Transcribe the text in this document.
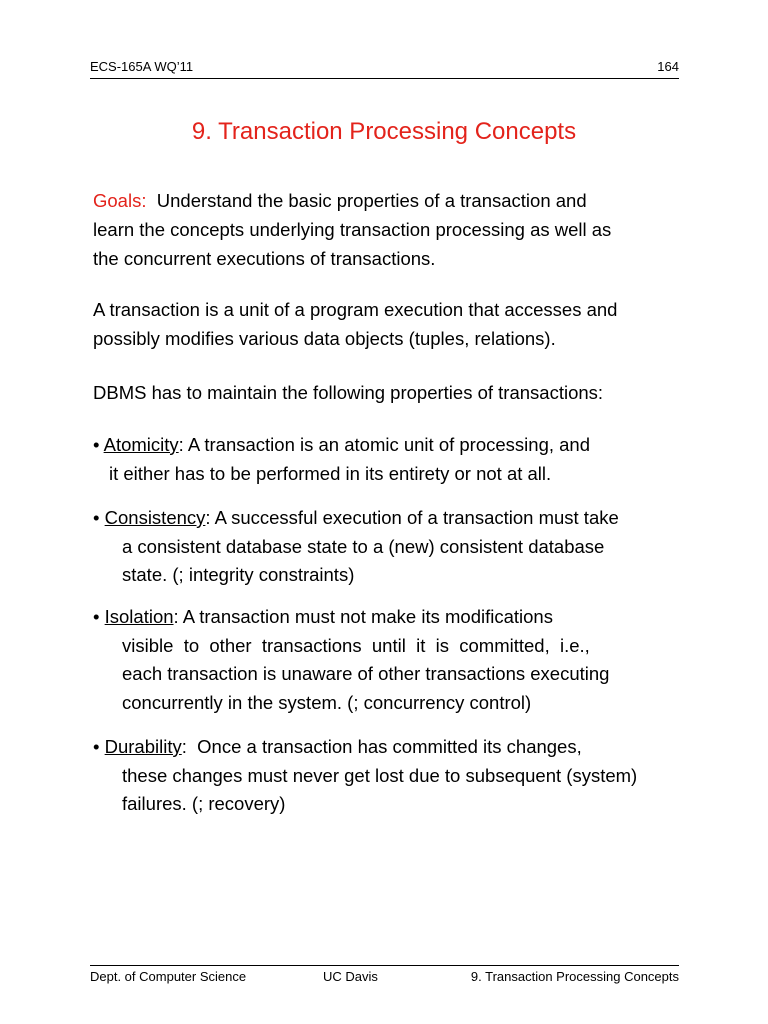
ECS-165A WQ’11	164
9. Transaction Processing Concepts
Goals: Understand the basic properties of a transaction and
learn the concepts underlying transaction processing as well as
the concurrent executions of transactions.
A transaction is a unit of a program execution that accesses and
possibly modifies various data objects (tuples, relations).
DBMS has to maintain the following properties of transactions:
• Atomicity: A transaction is an atomic unit of processing, and
it either has to be performed in its entirety or not at all.
• Consistency: A successful execution of a transaction must take
a consistent database state to a (new) consistent database
state. (; integrity constraints)
• Isolation: A transaction must not make its modifications
visible  to  other  transactions  until  it  is  committed,  i.e.,
each transaction is unaware of other transactions executing
concurrently in the system. (; concurrency control)
• Durability:  Once a transaction has committed its changes,
these changes must never get lost due to subsequent (system)
failures. (; recovery)
Dept. of Computer Science	UC Davis	9. Transaction Processing Concepts
